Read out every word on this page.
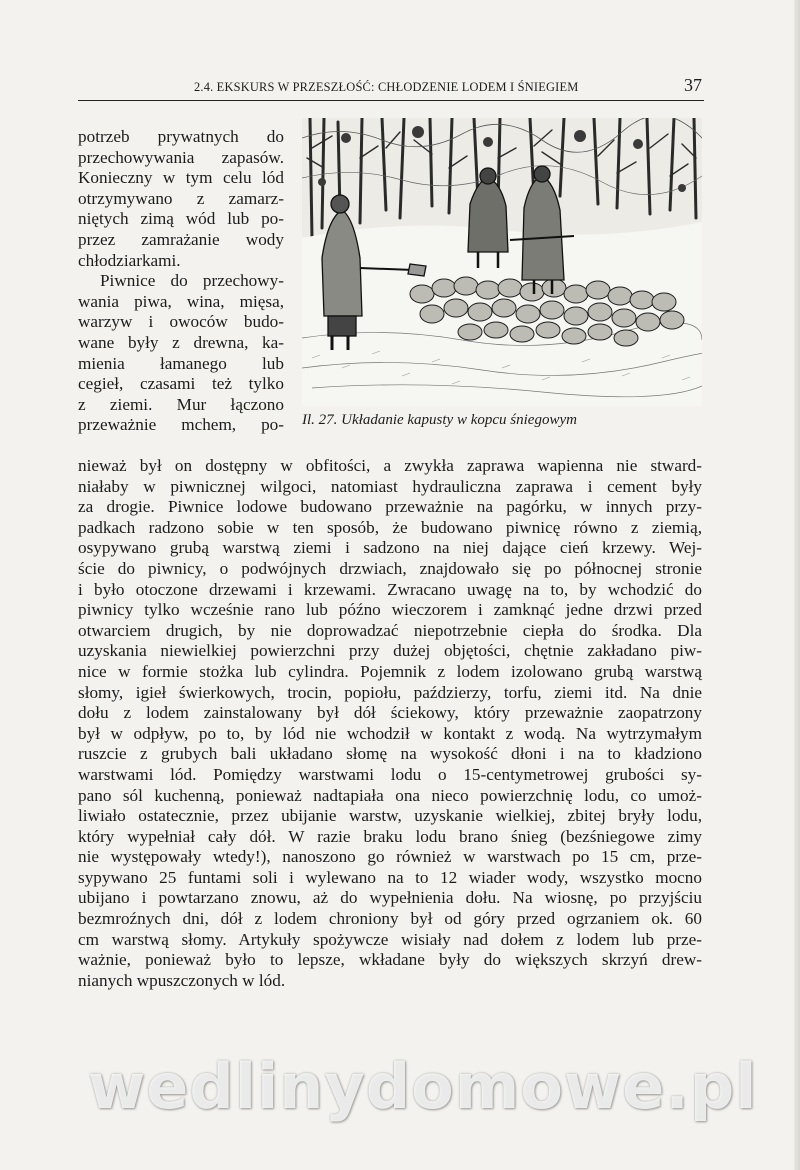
2.4. EKSKURS W PRZESZŁOŚĆ: CHŁODZENIE LODEM I ŚNIEGIEM	37
Il. 27. Układanie kapusty w kopcu śniegowym
potrzeb prywatnych do
przechowywania zapasów.
Konieczny w tym celu lód
otrzymywano z zamarz-
niętych zimą wód lub po-
przez zamrażanie wody
chłodziarkami.
Piwnice do przechowy-
wania piwa, wina, mięsa,
warzyw i owoców budo-
wane były z drewna, ka-
mienia łamanego lub
cegieł, czasami też tylko
z ziemi. Mur łączono
przeważnie mchem, po-
nieważ był on dostępny w obfitości, a zwykła zaprawa wapienna nie stward-
niałaby w piwnicznej wilgoci, natomiast hydrauliczna zaprawa i cement były
za drogie. Piwnice lodowe budowano przeważnie na pagórku, w innych przy-
padkach radzono sobie w ten sposób, że budowano piwnicę równo z ziemią,
osypywano grubą warstwą ziemi i sadzono na niej dające cień krzewy. Wej-
ście do piwnicy, o podwójnych drzwiach, znajdowało się po północnej stronie
i było otoczone drzewami i krzewami. Zwracano uwagę na to, by wchodzić do
piwnicy tylko wcześnie rano lub późno wieczorem i zamknąć jedne drzwi przed
otwarciem drugich, by nie doprowadzać niepotrzebnie ciepła do środka. Dla
uzyskania niewielkiej powierzchni przy dużej objętości, chętnie zakładano piw-
nice w formie stożka lub cylindra. Pojemnik z lodem izolowano grubą warstwą
słomy, igieł świerkowych, trocin, popiołu, paździerzy, torfu, ziemi itd. Na dnie
dołu z lodem zainstalowany był dół ściekowy, który przeważnie zaopatrzony
był w odpływ, po to, by lód nie wchodził w kontakt z wodą. Na wytrzymałym
ruszcie z grubych bali układano słomę na wysokość dłoni i na to kładziono
warstwami lód. Pomiędzy warstwami lodu o 15-centymetrowej grubości sy-
pano sól kuchenną, ponieważ nadtapiała ona nieco powierzchnię lodu, co umoż-
liwiało ostatecznie, przez ubijanie warstw, uzyskanie wielkiej, zbitej bryły lodu,
który wypełniał cały dół. W razie braku lodu brano śnieg (bezśniegowe zimy
nie występowały wtedy!), nanoszono go również w warstwach po 15 cm, prze-
sypywano 25 funtami soli i wylewano na to 12 wiader wody, wszystko mocno
ubijano i powtarzano znowu, aż do wypełnienia dołu. Na wiosnę, po przyjściu
bezmroźnych dni, dół z lodem chroniony był od góry przed ogrzaniem ok. 60
cm warstwą słomy. Artykuły spożywcze wisiały nad dołem z lodem lub prze-
ważnie, ponieważ było to lepsze, wkładane były do większych skrzyń drew-
nianych wpuszczonych w lód.
wedlinydomowe.pl
